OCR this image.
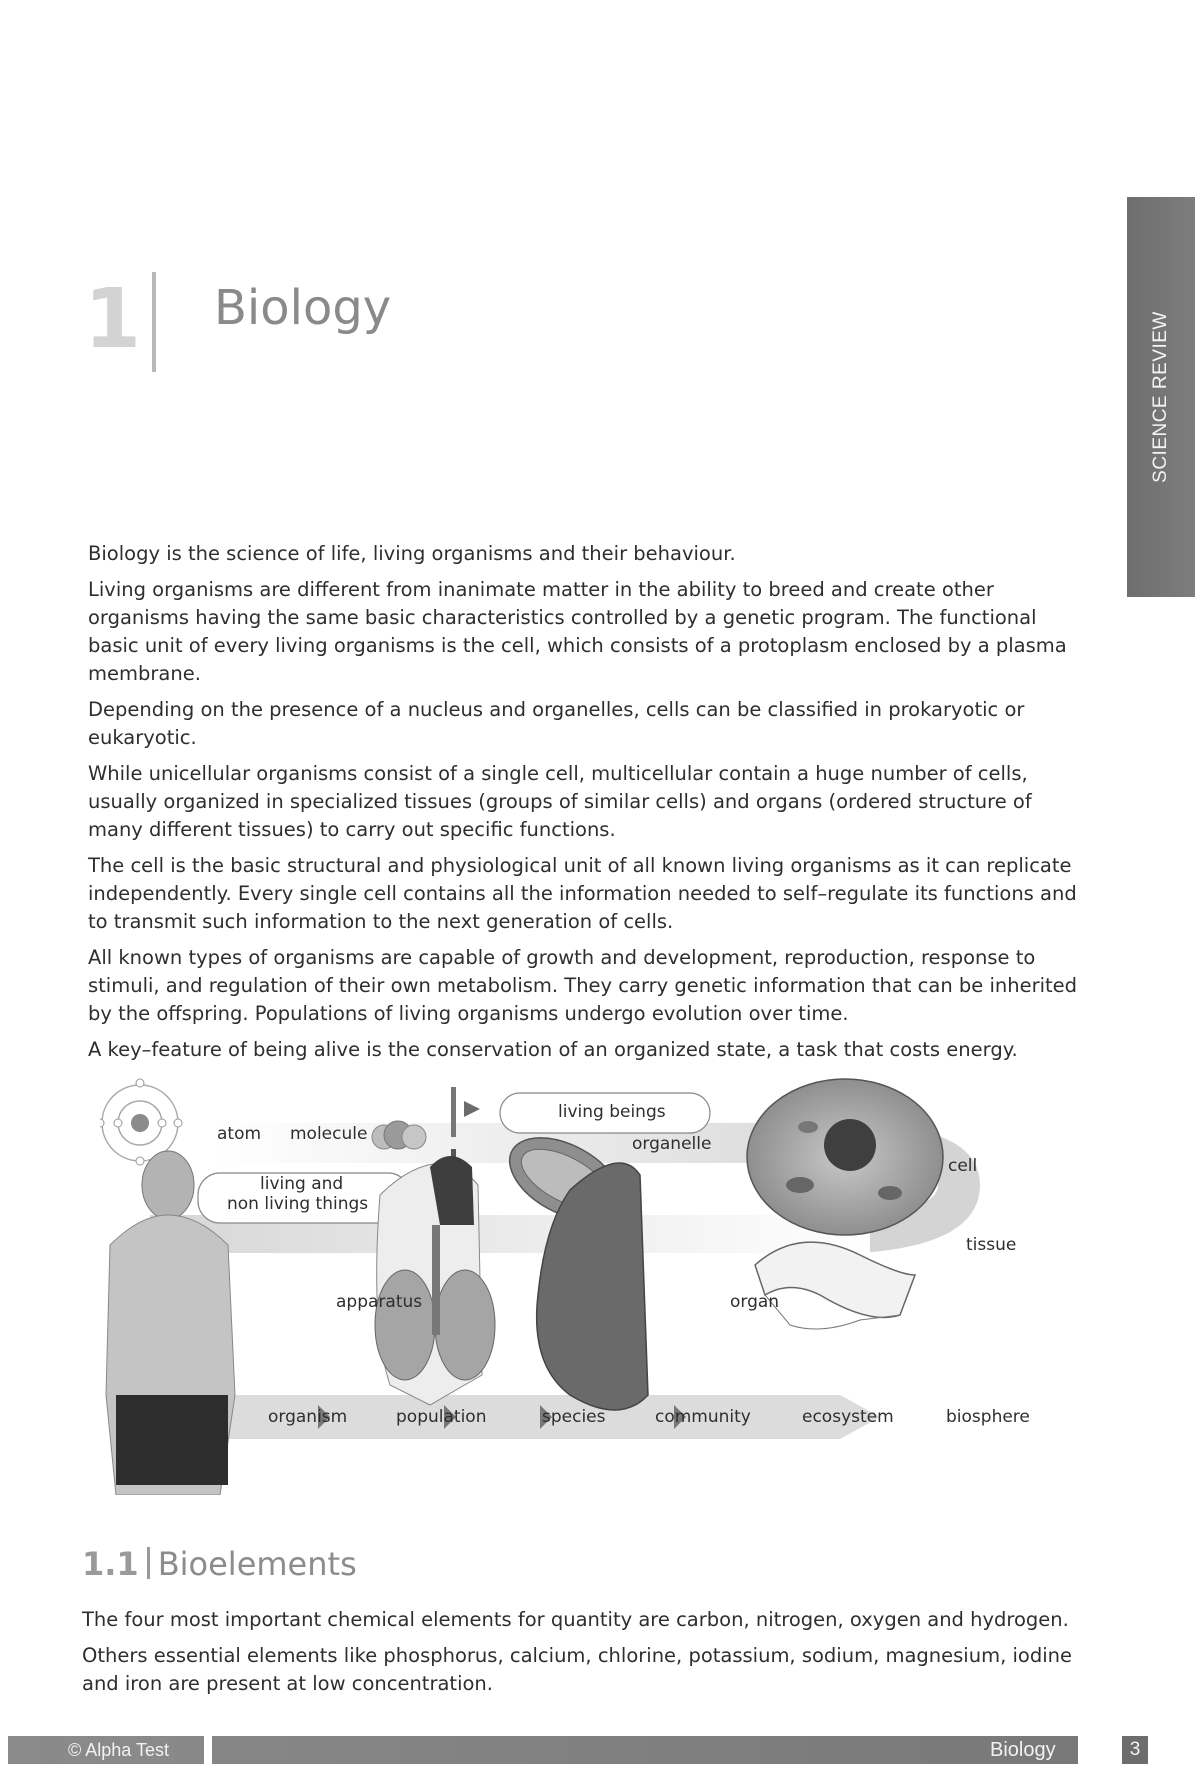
1 Biology
SCIENCE REVIEW

Biology is the science of life, living organisms and their behaviour.

Living organisms are different from inanimate matter in the ability to breed and create other organisms having the same basic characteristics controlled by a genetic program. The functional basic unit of every living organisms is the cell, which consists of a protoplasm enclosed by a plasma membrane.

Depending on the presence of a nucleus and organelles, cells can be classified in prokaryotic or eukaryotic.

While unicellular organisms consist of a single cell, multicellular contain a huge number of cells, usually organized in specialized tissues (groups of similar cells) and organs (ordered structure of many different tissues) to carry out specific functions.

The cell is the basic structural and physiological unit of all known living organisms as it can replicate independently. Every single cell contains all the information needed to self–regulate its functions and to transmit such information to the next generation of cells.

All known types of organisms are capable of growth and development, reproduction, response to stimuli, and regulation of their own metabolism. They carry genetic information that can be inherited by the offspring. Populations of living organisms undergo evolution over time.

A key–feature of being alive is the conservation of an organized state, a task that costs energy.

atom molecule
living and
non living things
living beings
organelle
cell
tissue
organ
apparatus
organism	population	species	community	ecosystem	biosphere
1.1 Bioelements

The four most important chemical elements for quantity are carbon, nitrogen, oxygen and hydrogen.

Others essential elements like phosphorus, calcium, chlorine, potassium, sodium, magnesium, iodine and iron are present at low concentration.

© Alpha Test	Biology	3
